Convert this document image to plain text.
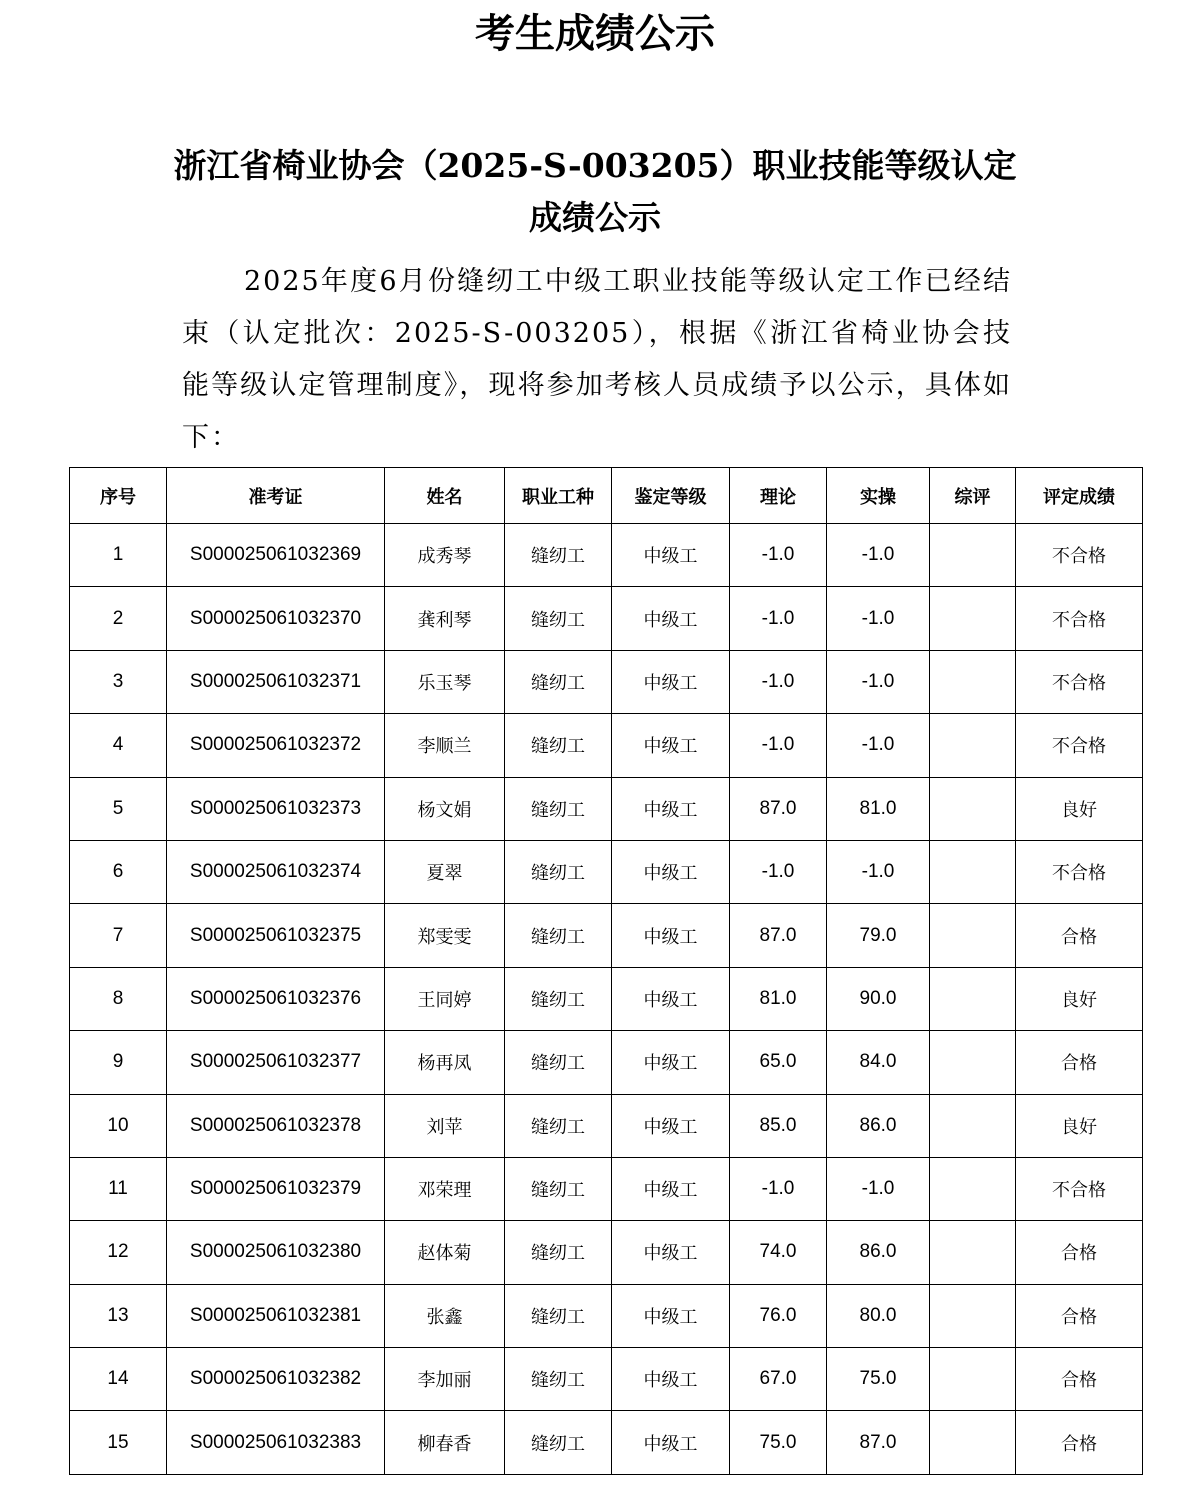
考生成绩公示
浙江省椅业协会（2025-S-003205）职业技能等级认定
成绩公示

2025年度6月份缝纫工中级工职业技能等级认定工作已经结束（认定批次：2025-S-003205），根据《浙江省椅业协会技能等级认定管理制度》，现将参加考核人员成绩予以公示，具体如下：

序号	准考证	姓名	职业工种	鉴定等级	理论	实操	综评	评定成绩
1	S000025061032369	成秀琴	缝纫工	中级工	-1.0	-1.0		不合格
2	S000025061032370	龚利琴	缝纫工	中级工	-1.0	-1.0		不合格
3	S000025061032371	乐玉琴	缝纫工	中级工	-1.0	-1.0		不合格
4	S000025061032372	李顺兰	缝纫工	中级工	-1.0	-1.0		不合格
5	S000025061032373	杨文娟	缝纫工	中级工	87.0	81.0		良好
6	S000025061032374	夏翠	缝纫工	中级工	-1.0	-1.0		不合格
7	S000025061032375	郑雯雯	缝纫工	中级工	87.0	79.0		合格
8	S000025061032376	王同婷	缝纫工	中级工	81.0	90.0		良好
9	S000025061032377	杨再凤	缝纫工	中级工	65.0	84.0		合格
10	S000025061032378	刘苹	缝纫工	中级工	85.0	86.0		良好
11	S000025061032379	邓荣理	缝纫工	中级工	-1.0	-1.0		不合格
12	S000025061032380	赵体菊	缝纫工	中级工	74.0	86.0		合格
13	S000025061032381	张鑫	缝纫工	中级工	76.0	80.0		合格
14	S000025061032382	李加丽	缝纫工	中级工	67.0	75.0		合格
15	S000025061032383	柳春香	缝纫工	中级工	75.0	87.0		合格
